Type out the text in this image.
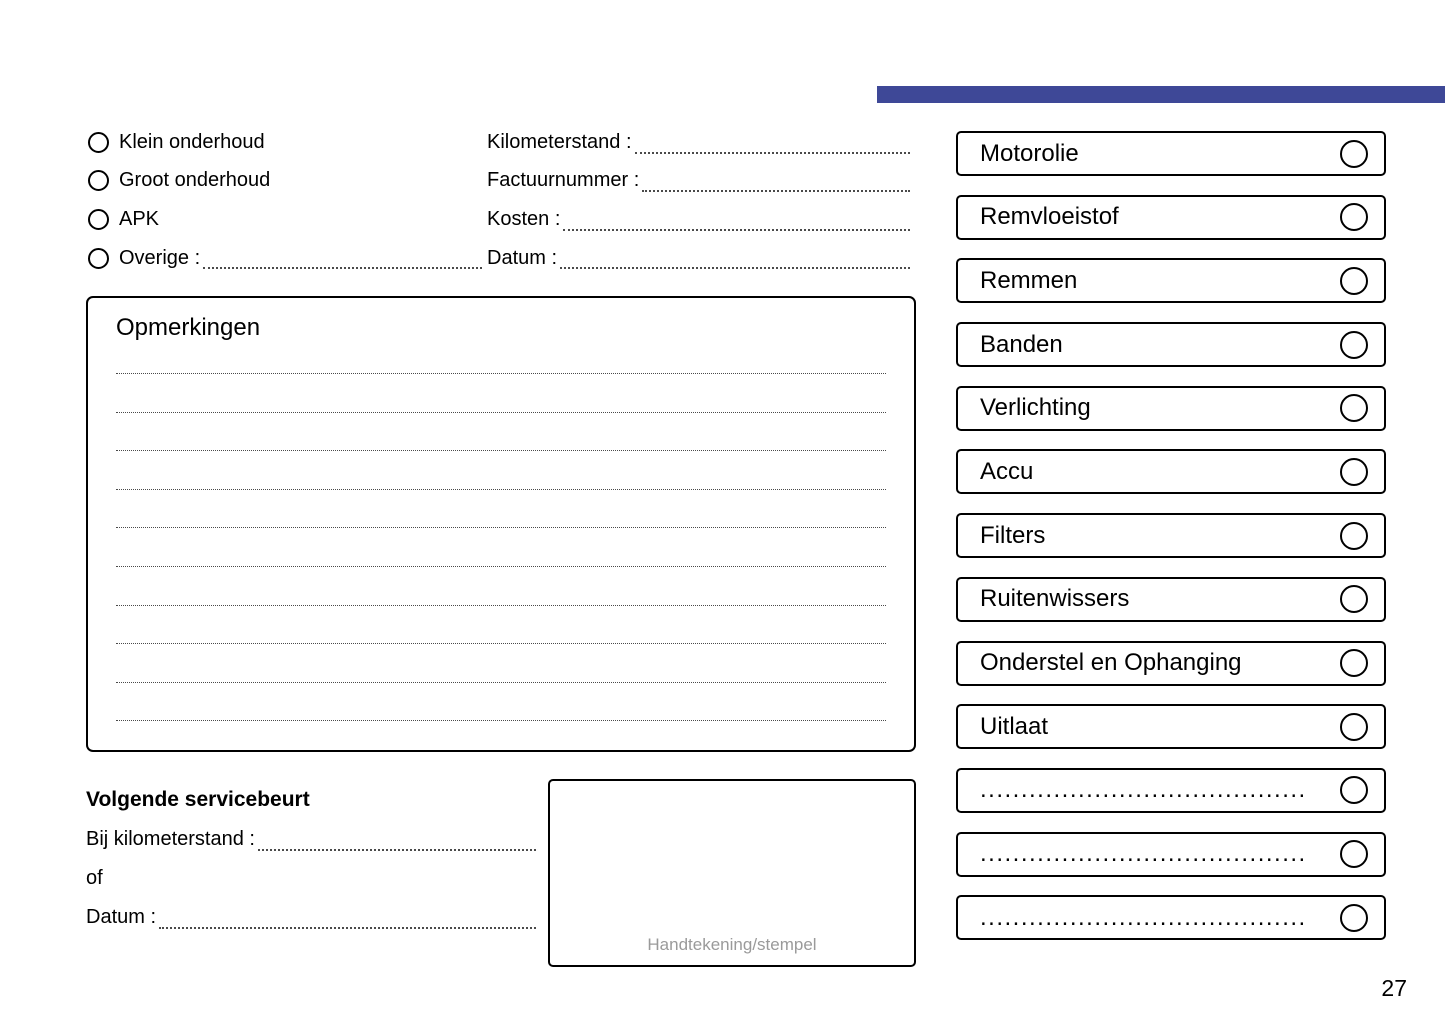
Klein onderhoud
Groot onderhoud
APK
Overige :
Kilometerstand :
Factuurnummer :
Kosten :
Datum :
Opmerkingen
Volgende servicebeurt
Bij kilometerstand :
of
Datum :
Handtekening/stempel
Motorolie
Remvloeistof
Remmen
Banden
Verlichting
Accu
Filters
Ruitenwissers
Onderstel en Ophanging
Uitlaat
........................................
........................................
........................................
27
